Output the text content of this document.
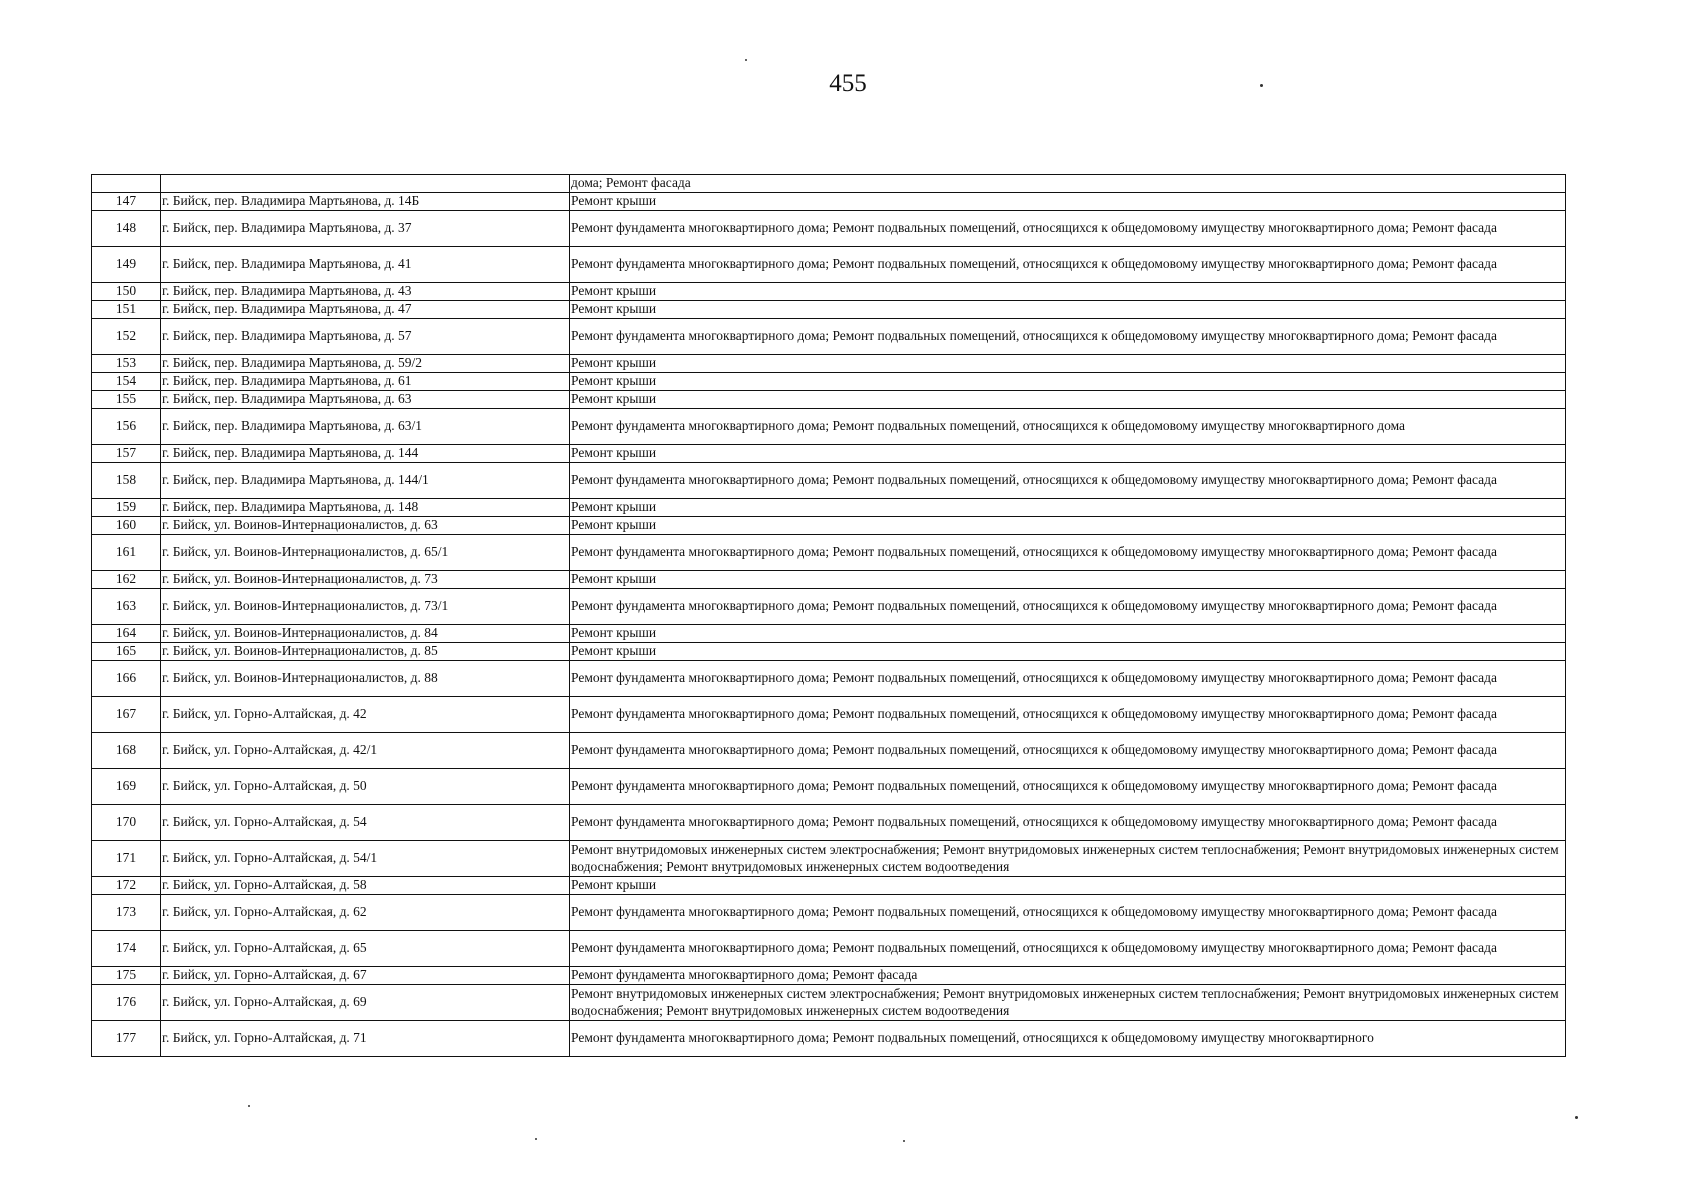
455
		дома; Ремонт фасада
147	г. Бийск, пер. Владимира Мартьянова, д. 14Б	Ремонт крыши
148	г. Бийск, пер. Владимира Мартьянова, д. 37	Ремонт фундамента многоквартирного дома; Ремонт подвальных помещений, относящихся к общедомовому имуществу многоквартирного дома; Ремонт фасада
149	г. Бийск, пер. Владимира Мартьянова, д. 41	Ремонт фундамента многоквартирного дома; Ремонт подвальных помещений, относящихся к общедомовому имуществу многоквартирного дома; Ремонт фасада
150	г. Бийск, пер. Владимира Мартьянова, д. 43	Ремонт крыши
151	г. Бийск, пер. Владимира Мартьянова, д. 47	Ремонт крыши
152	г. Бийск, пер. Владимира Мартьянова, д. 57	Ремонт фундамента многоквартирного дома; Ремонт подвальных помещений, относящихся к общедомовому имуществу многоквартирного дома; Ремонт фасада
153	г. Бийск, пер. Владимира Мартьянова, д. 59/2	Ремонт крыши
154	г. Бийск, пер. Владимира Мартьянова, д. 61	Ремонт крыши
155	г. Бийск, пер. Владимира Мартьянова, д. 63	Ремонт крыши
156	г. Бийск, пер. Владимира Мартьянова, д. 63/1	Ремонт фундамента многоквартирного дома; Ремонт подвальных помещений, относящихся к общедомовому имуществу многоквартирного дома
157	г. Бийск, пер. Владимира Мартьянова, д. 144	Ремонт крыши
158	г. Бийск, пер. Владимира Мартьянова, д. 144/1	Ремонт фундамента многоквартирного дома; Ремонт подвальных помещений, относящихся к общедомовому имуществу многоквартирного дома; Ремонт фасада
159	г. Бийск, пер. Владимира Мартьянова, д. 148	Ремонт крыши
160	г. Бийск, ул. Воинов-Интернационалистов, д. 63	Ремонт крыши
161	г. Бийск, ул. Воинов-Интернационалистов, д. 65/1	Ремонт фундамента многоквартирного дома; Ремонт подвальных помещений, относящихся к общедомовому имуществу многоквартирного дома; Ремонт фасада
162	г. Бийск, ул. Воинов-Интернационалистов, д. 73	Ремонт крыши
163	г. Бийск, ул. Воинов-Интернационалистов, д. 73/1	Ремонт фундамента многоквартирного дома; Ремонт подвальных помещений, относящихся к общедомовому имуществу многоквартирного дома; Ремонт фасада
164	г. Бийск, ул. Воинов-Интернационалистов, д. 84	Ремонт крыши
165	г. Бийск, ул. Воинов-Интернационалистов, д. 85	Ремонт крыши
166	г. Бийск, ул. Воинов-Интернационалистов, д. 88	Ремонт фундамента многоквартирного дома; Ремонт подвальных помещений, относящихся к общедомовому имуществу многоквартирного дома; Ремонт фасада
167	г. Бийск, ул. Горно-Алтайская, д. 42	Ремонт фундамента многоквартирного дома; Ремонт подвальных помещений, относящихся к общедомовому имуществу многоквартирного дома; Ремонт фасада
168	г. Бийск, ул. Горно-Алтайская, д. 42/1	Ремонт фундамента многоквартирного дома; Ремонт подвальных помещений, относящихся к общедомовому имуществу многоквартирного дома; Ремонт фасада
169	г. Бийск, ул. Горно-Алтайская, д. 50	Ремонт фундамента многоквартирного дома; Ремонт подвальных помещений, относящихся к общедомовому имуществу многоквартирного дома; Ремонт фасада
170	г. Бийск, ул. Горно-Алтайская, д. 54	Ремонт фундамента многоквартирного дома; Ремонт подвальных помещений, относящихся к общедомовому имуществу многоквартирного дома; Ремонт фасада
171	г. Бийск, ул. Горно-Алтайская, д. 54/1	Ремонт внутридомовых инженерных систем электроснабжения; Ремонт внутридомовых инженерных систем теплоснабжения; Ремонт внутридомовых инженерных систем водоснабжения; Ремонт внутридомовых инженерных систем водоотведения
172	г. Бийск, ул. Горно-Алтайская, д. 58	Ремонт крыши
173	г. Бийск, ул. Горно-Алтайская, д. 62	Ремонт фундамента многоквартирного дома; Ремонт подвальных помещений, относящихся к общедомовому имуществу многоквартирного дома; Ремонт фасада
174	г. Бийск, ул. Горно-Алтайская, д. 65	Ремонт фундамента многоквартирного дома; Ремонт подвальных помещений, относящихся к общедомовому имуществу многоквартирного дома; Ремонт фасада
175	г. Бийск, ул. Горно-Алтайская, д. 67	Ремонт фундамента многоквартирного дома; Ремонт фасада
176	г. Бийск, ул. Горно-Алтайская, д. 69	Ремонт внутридомовых инженерных систем электроснабжения; Ремонт внутридомовых инженерных систем теплоснабжения; Ремонт внутридомовых инженерных систем водоснабжения; Ремонт внутридомовых инженерных систем водоотведения
177	г. Бийск, ул. Горно-Алтайская, д. 71	Ремонт фундамента многоквартирного дома; Ремонт подвальных помещений, относящихся к общедомовому имуществу многоквартирного
